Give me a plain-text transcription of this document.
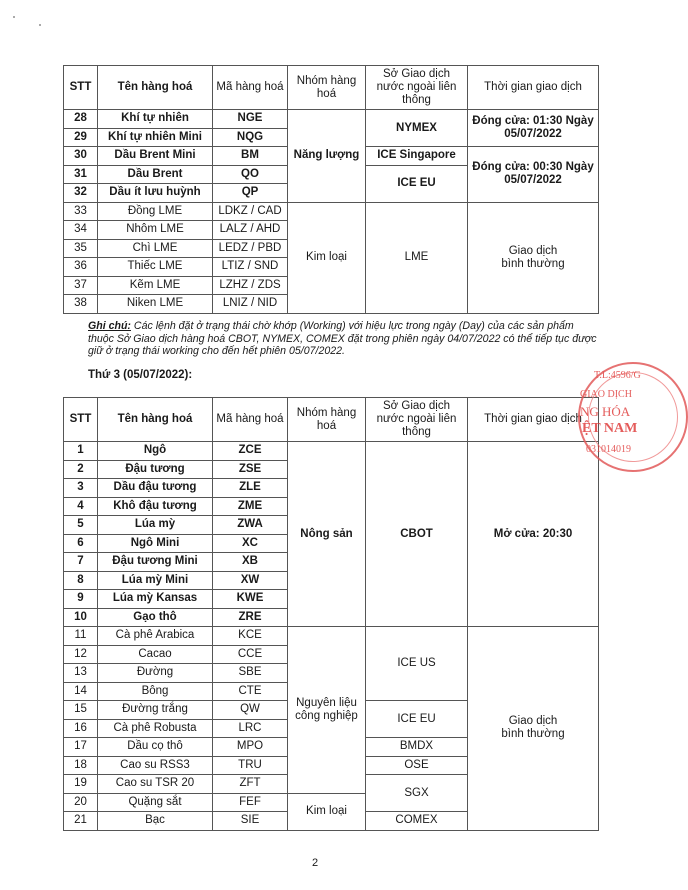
STT	Tên hàng hoá	Mã hàng hoá	Nhóm hàng hoá	Sở Giao dịch nước ngoài liên thông	Thời gian giao dịch
28	Khí tự nhiên	NGE	Năng lượng	NYMEX	Đóng cửa: 01:30 Ngày 05/07/2022
29	Khí tự nhiên Mini	NQG			
30	Dầu Brent Mini	BM		ICE Singapore	Đóng cửa: 00:30 Ngày 05/07/2022
31	Dầu Brent	QO		ICE EU	
32	Dầu ít lưu huỳnh	QP			
33	Đồng LME	LDKZ / CAD	Kim loại	LME	Giao dịch bình thường
34	Nhôm LME	LALZ / AHD			
35	Chì LME	LEDZ / PBD			
36	Thiếc LME	LTIZ / SND			
37	Kẽm LME	LZHZ / ZDS			
38	Niken LME	LNIZ / NID			
Ghi chú: Các lệnh đặt ở trạng thái chờ khớp (Working) với hiệu lực trong ngày (Day) của các sản phẩm thuộc Sở Giao dịch hàng hoá CBOT, NYMEX, COMEX đặt trong phiên ngày 04/07/2022 có thể tiếp tục được giữ ở trạng thái working cho đến hết phiên 05/07/2022.
Thứ 3 (05/07/2022):
STT	Tên hàng hoá	Mã hàng hoá	Nhóm hàng hoá	Sở Giao dịch nước ngoài liên thông	Thời gian giao dịch
1	Ngô	ZCE	Nông sản	CBOT	Mở cửa: 20:30
2	Đậu tương	ZSE			
3	Dầu đậu tương	ZLE			
4	Khô đậu tương	ZME			
5	Lúa mỳ	ZWA			
6	Ngô Mini	XC			
7	Đậu tương Mini	XB			
8	Lúa mỳ Mini	XW			
9	Lúa mỳ Kansas	KWE			
10	Gạo thô	ZRE			
11	Cà phê Arabica	KCE	Nguyên liệu công nghiệp	ICE US	Giao dịch bình thường
12	Cacao	CCE			
13	Đường	SBE			
14	Bông	CTE			
15	Đường trắng	QW		ICE EU	
16	Cà phê Robusta	LRC			
17	Dầu cọ thô	MPO		BMDX	
18	Cao su RSS3	TRU		OSE	
19	Cao su TSR 20	ZFT		SGX	
20	Quặng sắt	FEF	Kim loại		
21	Bạc	SIE		COMEX	
T.L:4596/G
GIAO DỊCH
NG HÓA
ỆT NAM
031014019
2
